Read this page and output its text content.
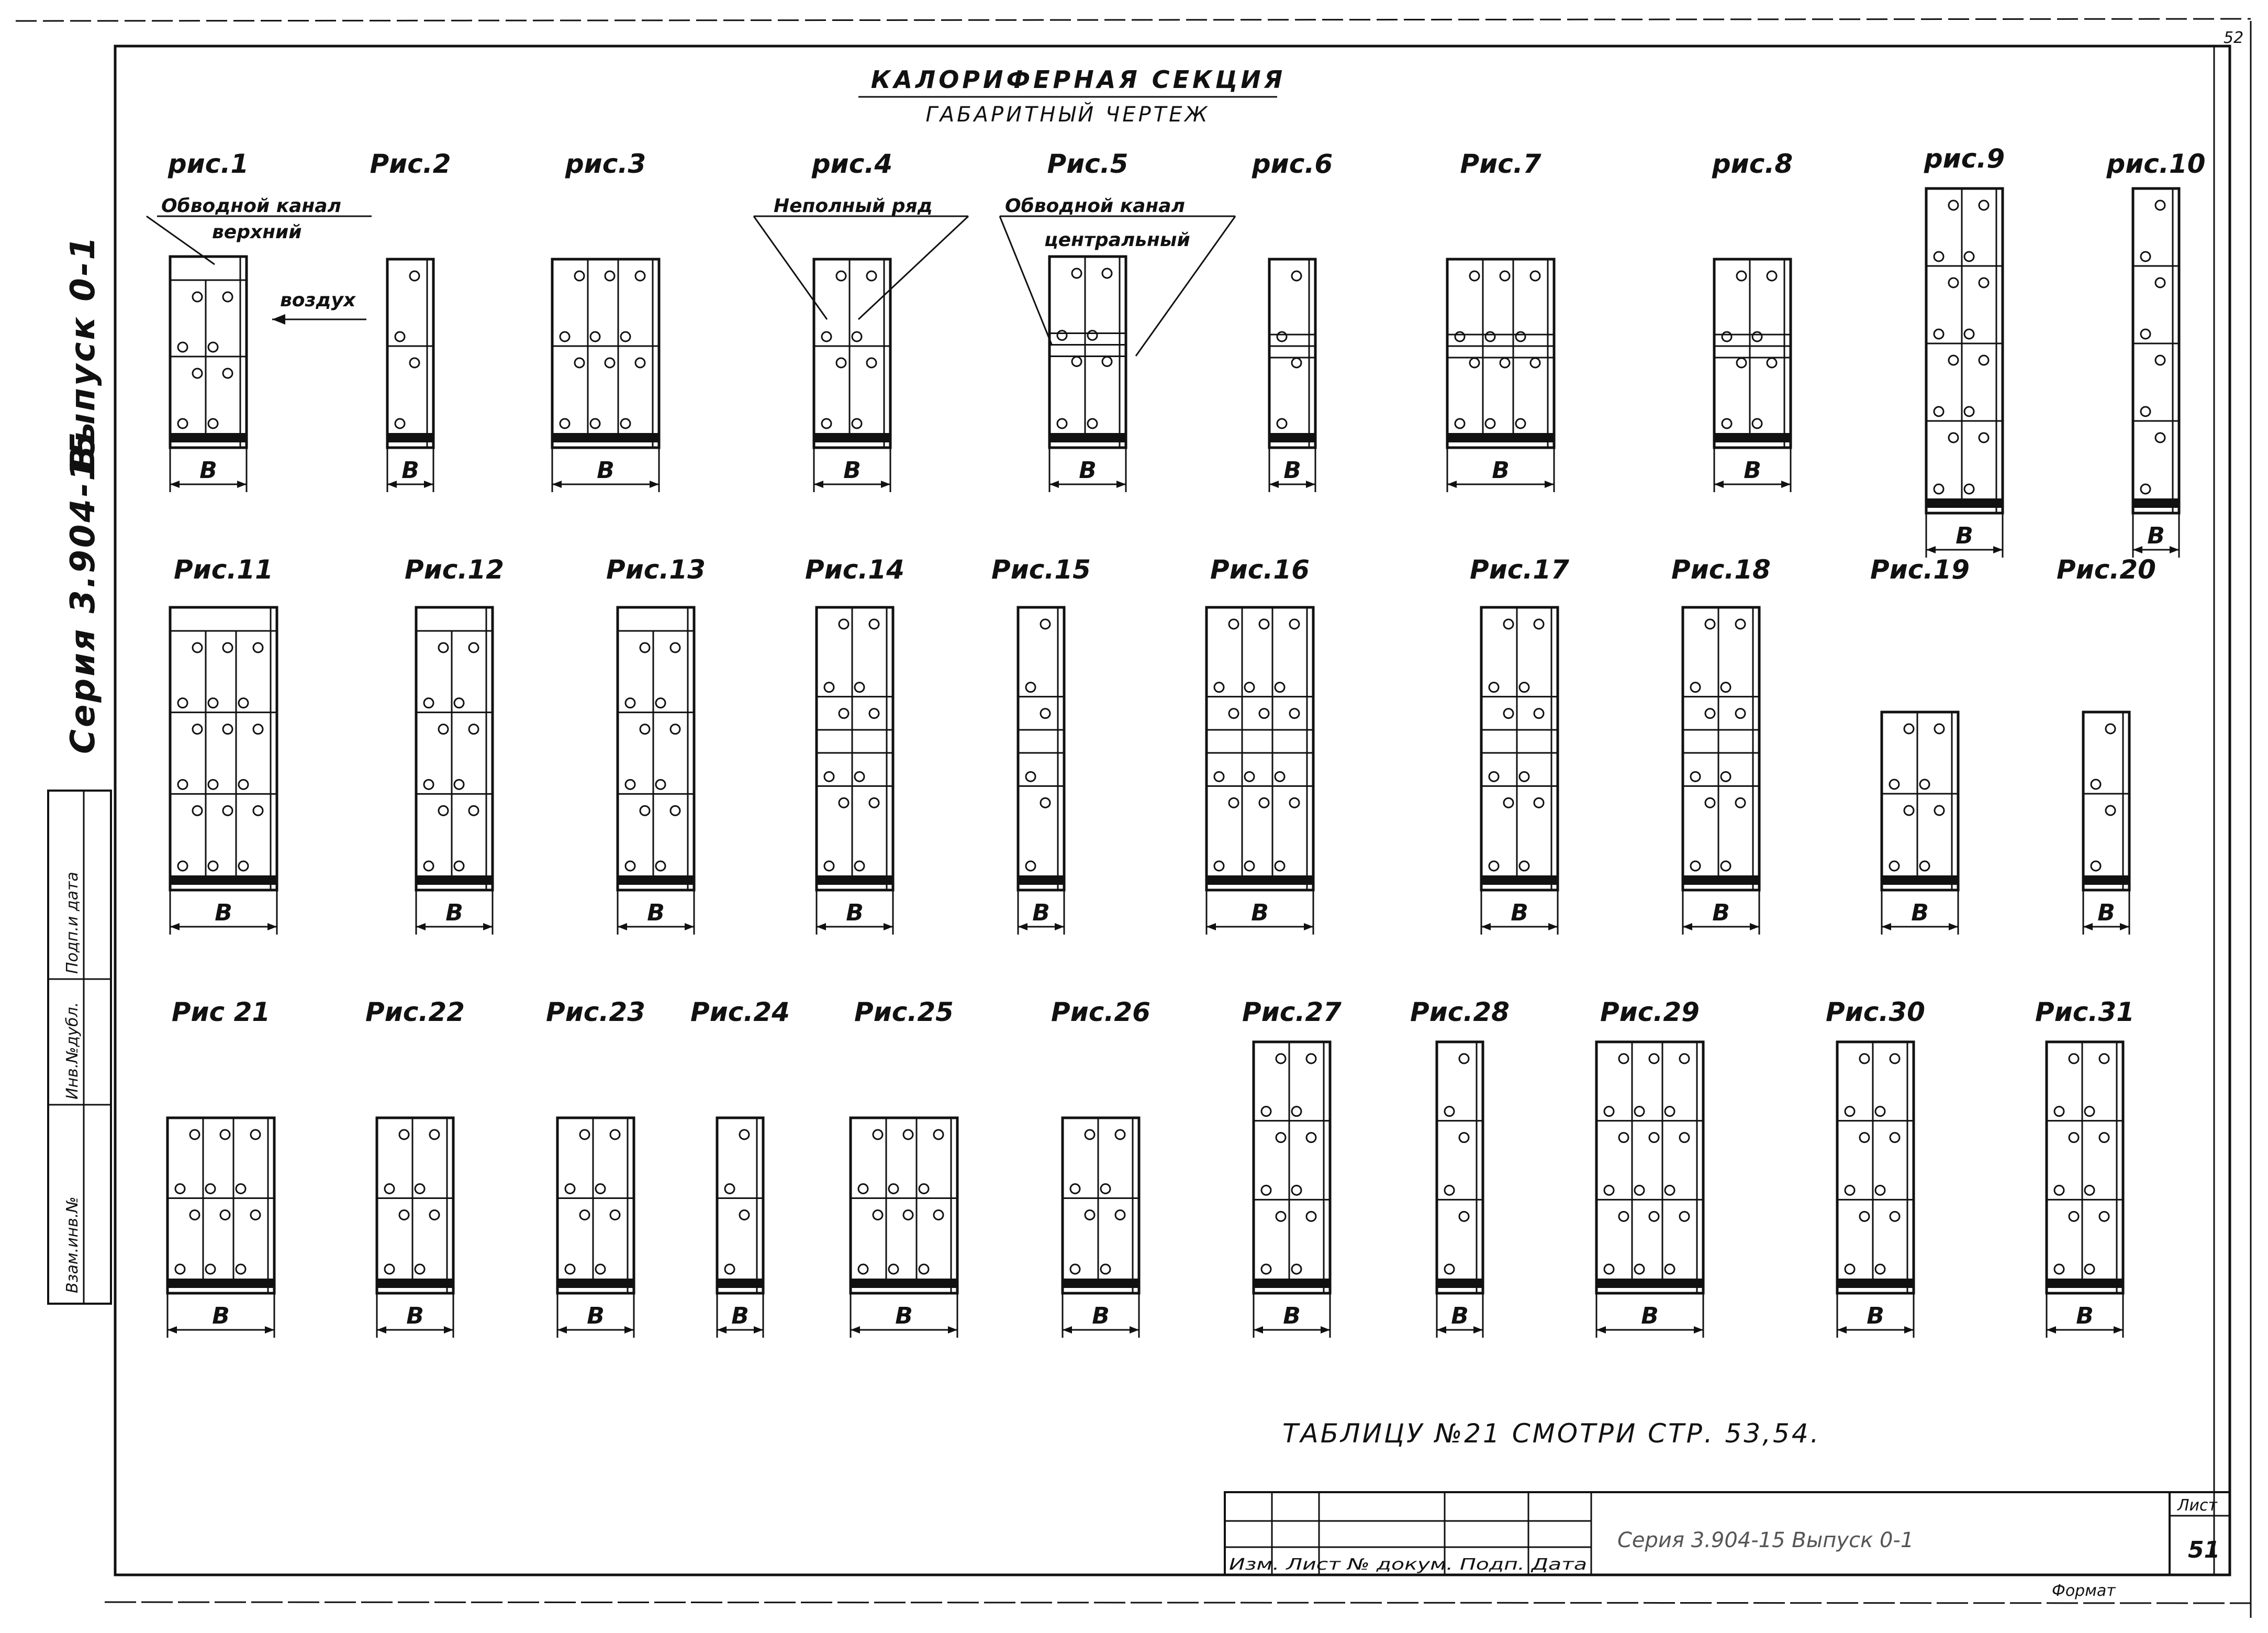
52
КАЛОРИФЕРНАЯ СЕКЦИЯ
ГАБАРИТНЫЙ ЧЕРТЕЖ
Серия 3.904-15
Выпуск 0-1
Взам.инв.№
Инв.№дубл.
Подп.и дата
Обводной канал
верхний
воздух
Неполный ряд	Обводной канал
центральный
рис.1
В
Рис.2
В
рис.3
В
рис.4
В
Рис.5
В
рис.6
В
Рис.7
В
рис.8
В
рис.9
В
рис.10
В
Рис.11
В
Рис.12
В
Рис.13
В
Рис.14
В
Рис.15
В
Рис.16
В
Рис.17
В
Рис.18
В
Рис.19
В
Рис.20
В
Рис 21
В
Рис.22
В
Рис.23
В
Рис.24
В
Рис.25
В
Рис.26
В
Рис.27
В
Рис.28
В
Рис.29
В
Рис.30
В
Рис.31
В
ТАБЛИЦУ №21 СМОТРИ СТР. 53,54.
Изм. Лист № докум. Подп. Дата
Серия 3.904-15 Выпуск 0-1
Лист
51
Формат
